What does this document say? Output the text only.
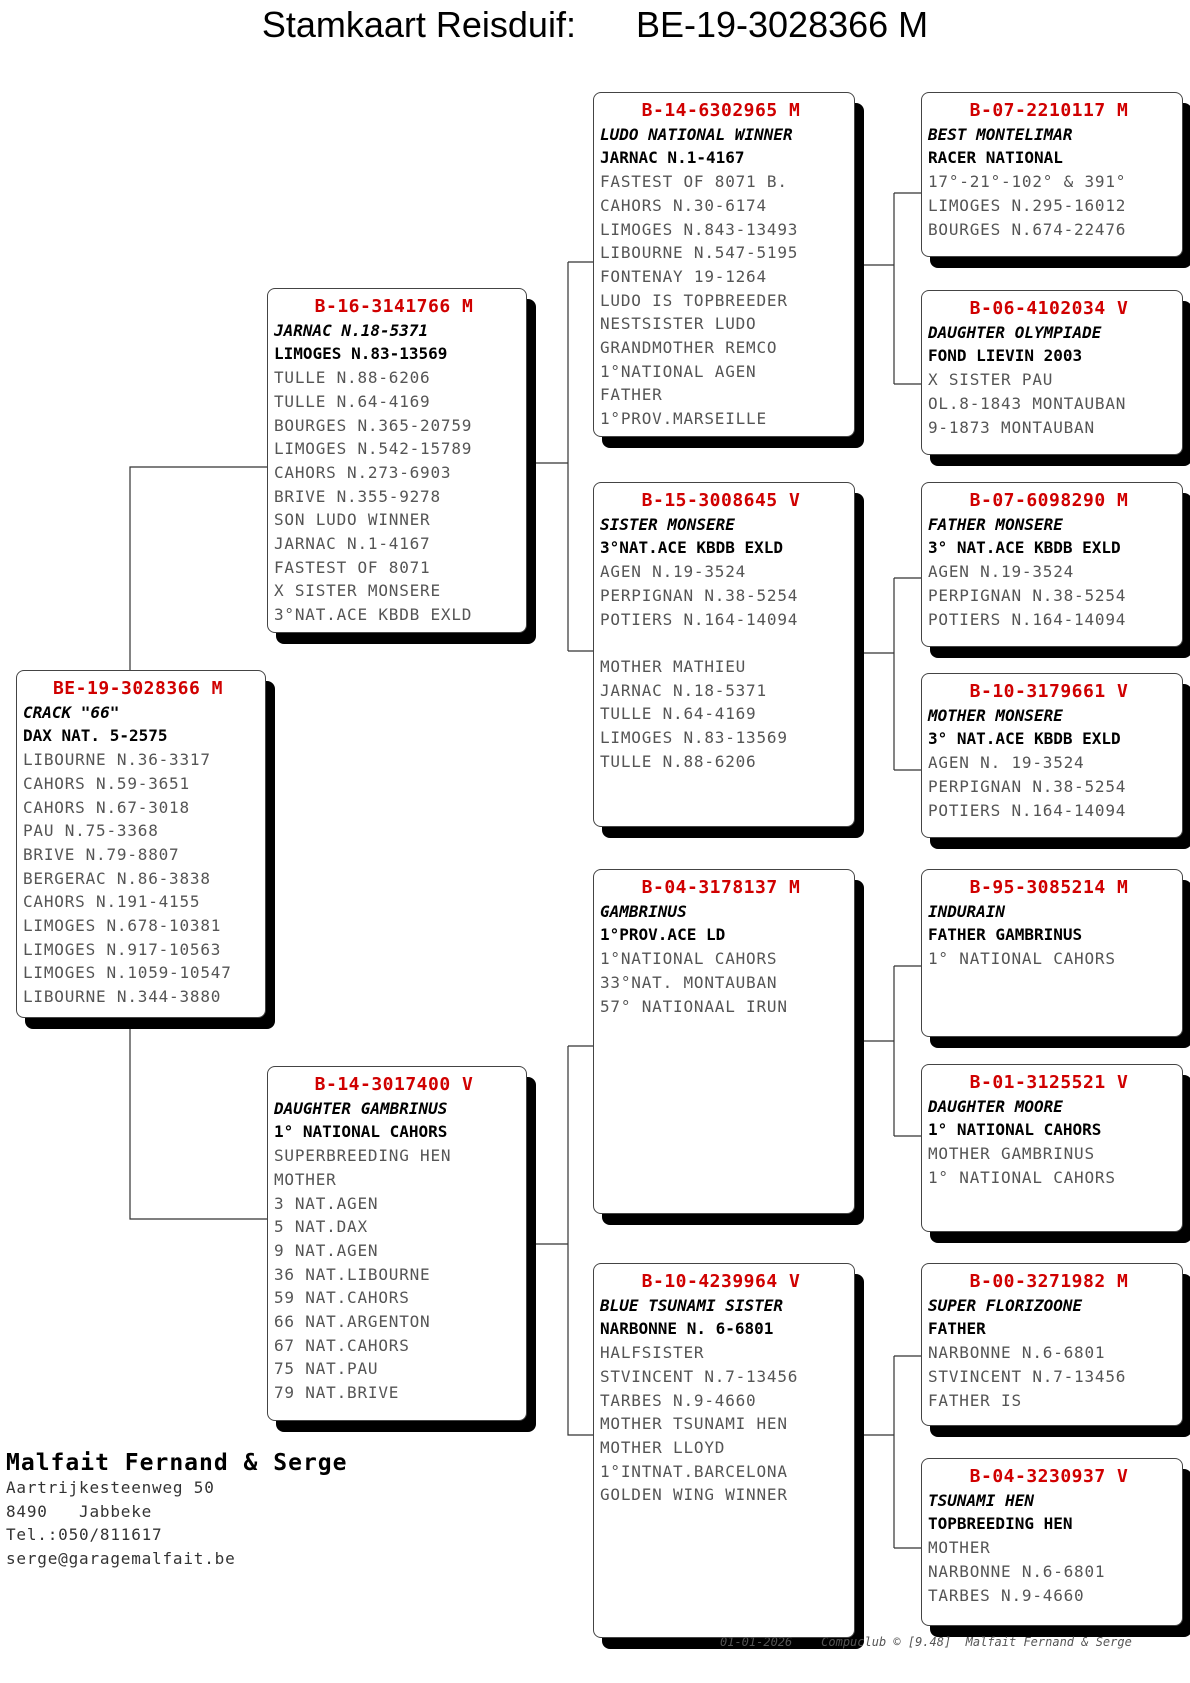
Stamkaart Reisduif: BE-19-3028366 M
BE-19-3028366 M
CRACK "66"
DAX NAT. 5-2575
LIBOURNE N.36-3317
CAHORS N.59-3651
CAHORS N.67-3018
PAU N.75-3368
BRIVE N.79-8807
BERGERAC N.86-3838
CAHORS N.191-4155
LIMOGES N.678-10381
LIMOGES N.917-10563
LIMOGES N.1059-10547
LIBOURNE N.344-3880
B-16-3141766 M
JARNAC N.18-5371
LIMOGES N.83-13569
TULLE N.88-6206
TULLE N.64-4169
BOURGES N.365-20759
LIMOGES N.542-15789
CAHORS N.273-6903
BRIVE N.355-9278
SON LUDO WINNER
JARNAC N.1-4167
FASTEST OF 8071
X SISTER MONSERE
3°NAT.ACE KBDB EXLD
B-14-3017400 V
DAUGHTER GAMBRINUS
1° NATIONAL CAHORS
SUPERBREEDING HEN
MOTHER
3 NAT.AGEN
5 NAT.DAX
9 NAT.AGEN
36 NAT.LIBOURNE
59 NAT.CAHORS
66 NAT.ARGENTON
67 NAT.CAHORS
75 NAT.PAU
79 NAT.BRIVE
B-14-6302965 M
LUDO NATIONAL WINNER
JARNAC N.1-4167
FASTEST OF 8071 B.
CAHORS N.30-6174
LIMOGES N.843-13493
LIBOURNE N.547-5195
FONTENAY 19-1264
LUDO IS TOPBREEDER
NESTSISTER LUDO
GRANDMOTHER REMCO
1°NATIONAL AGEN
FATHER
1°PROV.MARSEILLE
B-15-3008645 V
SISTER MONSERE
3°NAT.ACE KBDB EXLD
AGEN N.19-3524
PERPIGNAN N.38-5254
POTIERS N.164-14094

MOTHER MATHIEU
JARNAC N.18-5371
TULLE N.64-4169
LIMOGES N.83-13569
TULLE N.88-6206
B-04-3178137 M
GAMBRINUS
1°PROV.ACE LD
1°NATIONAL CAHORS
33°NAT. MONTAUBAN
57° NATIONAAL IRUN
B-10-4239964 V
BLUE TSUNAMI SISTER
NARBONNE N. 6-6801
HALFSISTER
STVINCENT N.7-13456
TARBES N.9-4660
MOTHER TSUNAMI HEN
MOTHER LLOYD
1°INTNAT.BARCELONA
GOLDEN WING WINNER
B-07-2210117 M
BEST MONTELIMAR
RACER NATIONAL
17°-21°-102° & 391°
LIMOGES N.295-16012
BOURGES N.674-22476
B-06-4102034 V
DAUGHTER OLYMPIADE
FOND LIEVIN 2003
X SISTER PAU
OL.8-1843 MONTAUBAN
9-1873 MONTAUBAN
B-07-6098290 M
FATHER MONSERE
3° NAT.ACE KBDB EXLD
AGEN N.19-3524
PERPIGNAN N.38-5254
POTIERS N.164-14094
B-10-3179661 V
MOTHER MONSERE
3° NAT.ACE KBDB EXLD
AGEN N. 19-3524
PERPIGNAN N.38-5254
POTIERS N.164-14094
B-95-3085214 M
INDURAIN
FATHER GAMBRINUS
1° NATIONAL CAHORS
B-01-3125521 V
DAUGHTER MOORE
1° NATIONAL CAHORS
MOTHER GAMBRINUS
1° NATIONAL CAHORS
B-00-3271982 M
SUPER FLORIZOONE
FATHER
NARBONNE N.6-6801
STVINCENT N.7-13456
FATHER IS
B-04-3230937 V
TSUNAMI HEN
TOPBREEDING HEN
MOTHER
NARBONNE N.6-6801
TARBES N.9-4660
Malfait Fernand & Serge
Aartrijkesteenweg 50
8490   Jabbeke
Tel.:050/811617
serge@garagemalfait.be
01-01-2026 Compuclub © [9.48] Malfait Fernand & Serge
